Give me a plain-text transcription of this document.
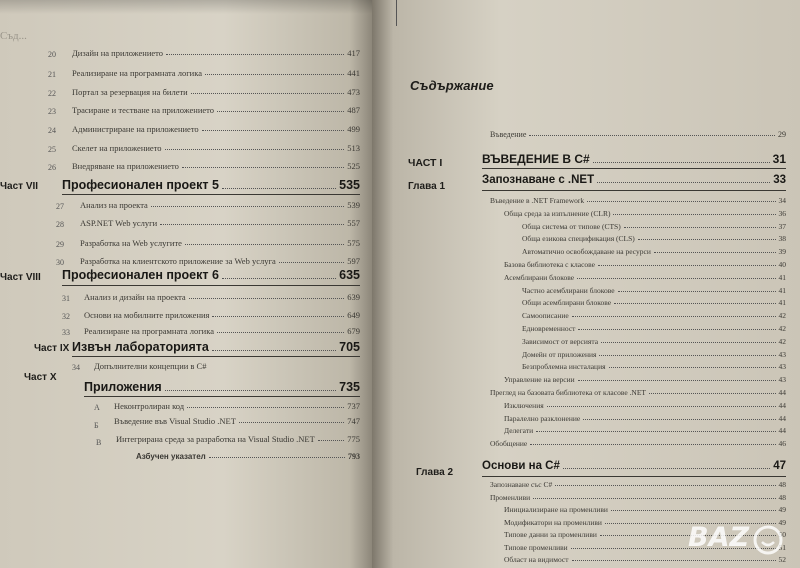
Съд...
20 Дизайн на приложението	417
21 Реализиране на програмната логика	441
22 Портал за резервация на билети	473
23 Трасиране и тестване на приложението	487
24 Администриране на приложението	499
25 Скелет на приложението	513
26 Внедряване на приложението	525
Част VII Професионален проект 5	535
27 Анализ на проекта	539
28 ASP.NET Web услуги	557
29 Разработка на Web услугите	575
30 Разработка на клиентското приложение за Web услуга	597
Част VIII Професионален проект 6	635
31 Анализ и дизайн на проекта	639
32 Основи на мобилните приложения	649
33 Реализиране на програмната логика	679
Част IX Извън лабораторията	705
34 Допълнителни концепции в C#
Част X
Приложения	735
A Неконтролиран код	737
Б Въведение във Visual Studio .NET	747
В Интегрирана среда за разработка на Visual Studio .NET	775
Азбучен указател	793
Съдържание
Въведение	29
ЧАСТ I	ВЪВЕДЕНИЕ В C#	31
Глава 1
Запознаване с .NET	33
Въведение в .NET Framework	34
Обща среда за изпълнение (CLR)	36
Обща система от типове (CTS)	37
Обща езикова спецификация (CLS)	38
Автоматично освобождаване на ресурси	39
Базова библиотека с класове	40
Асемблирани блокове	41
Частно асемблирани блокове	41
Общи асемблирани блокове	41
Самоописание	42
Едновременност	42
Зависимост от версията	42
Домейн от приложения	43
Безпроблемна инсталация	43
Управление на версии	43
Преглед на базовата библиотека от класове .NET	44
Изключения	44
Паралелно разклонение	44
Делегати	44
Обобщение	46
Глава 2
Основи на C#	47
Запознаване със C#	48
Променливи	48
Инициализиране на променливи	49
Модификатори на променливи	49
Типове данни за променливи	50
Типове променливи	51
Област на видимост	52
BAZ
